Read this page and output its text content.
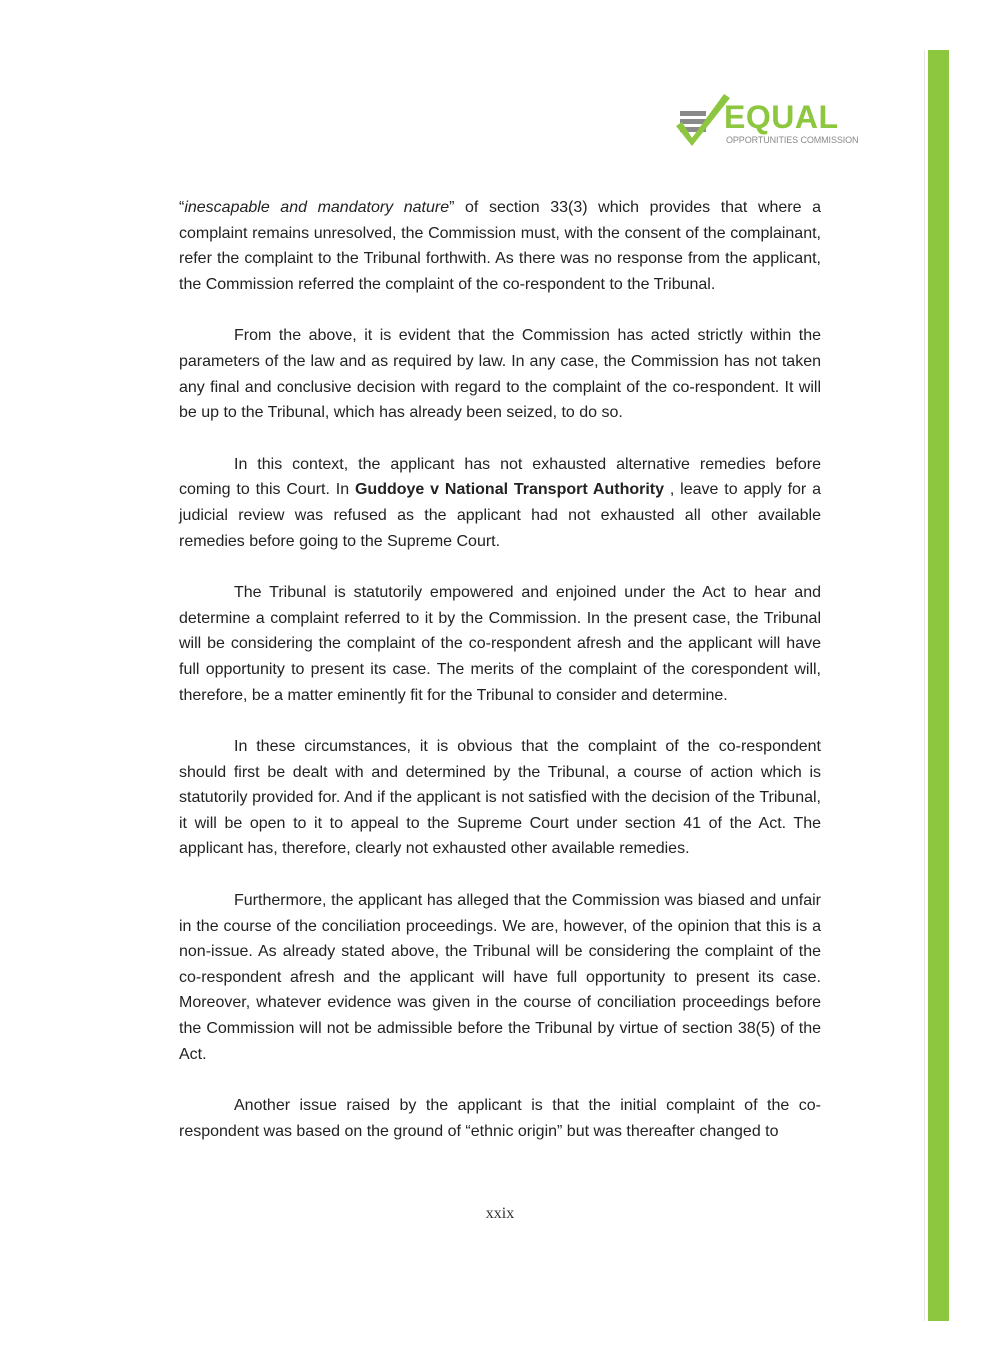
EQUAL
OPPORTUNITIES COMMISSION

“inescapable and mandatory nature” of section 33(3) which provides that where a complaint remains unresolved, the Commission must, with the consent of the complainant, refer the complaint to the Tribunal forthwith. As there was no response from the applicant, the Commission referred the complaint of the co-respondent to the Tribunal.

From the above, it is evident that the Commission has acted strictly within the parameters of the law and as required by law. In any case, the Commission has not taken any final and conclusive decision with regard to the complaint of the co-respondent. It will be up to the Tribunal, which has already been seized, to do so.

In this context, the applicant has not exhausted alternative remedies before coming to this Court. In Guddoye v National Transport Authority , leave to apply for a judicial review was refused as the applicant had not exhausted all other available remedies before going to the Supreme Court.

The Tribunal is statutorily empowered and enjoined under the Act to hear and determine a complaint referred to it by the Commission. In the present case, the Tribunal will be considering the complaint of the co-respondent afresh and the applicant will have full opportunity to present its case. The merits of the complaint of the corespondent will, therefore, be a matter eminently fit for the Tribunal to consider and determine.

In these circumstances, it is obvious that the complaint of the co-respondent should first be dealt with and determined by the Tribunal, a course of action which is statutorily provided for. And if the applicant is not satisfied with the decision of the Tribunal, it will be open to it to appeal to the Supreme Court under section 41 of the Act. The applicant has, therefore, clearly not exhausted other available remedies.

Furthermore, the applicant has alleged that the Commission was biased and unfair in the course of the conciliation proceedings. We are, however, of the opinion that this is a non-issue. As already stated above, the Tribunal will be considering the complaint of the co-respondent afresh and the applicant will have full opportunity to present its case. Moreover, whatever evidence was given in the course of conciliation proceedings before the Commission will not be admissible before the Tribunal by virtue of section 38(5) of the Act.

Another issue raised by the applicant is that the initial complaint of the co-respondent was based on the ground of “ethnic origin” but was thereafter changed to

xxix
